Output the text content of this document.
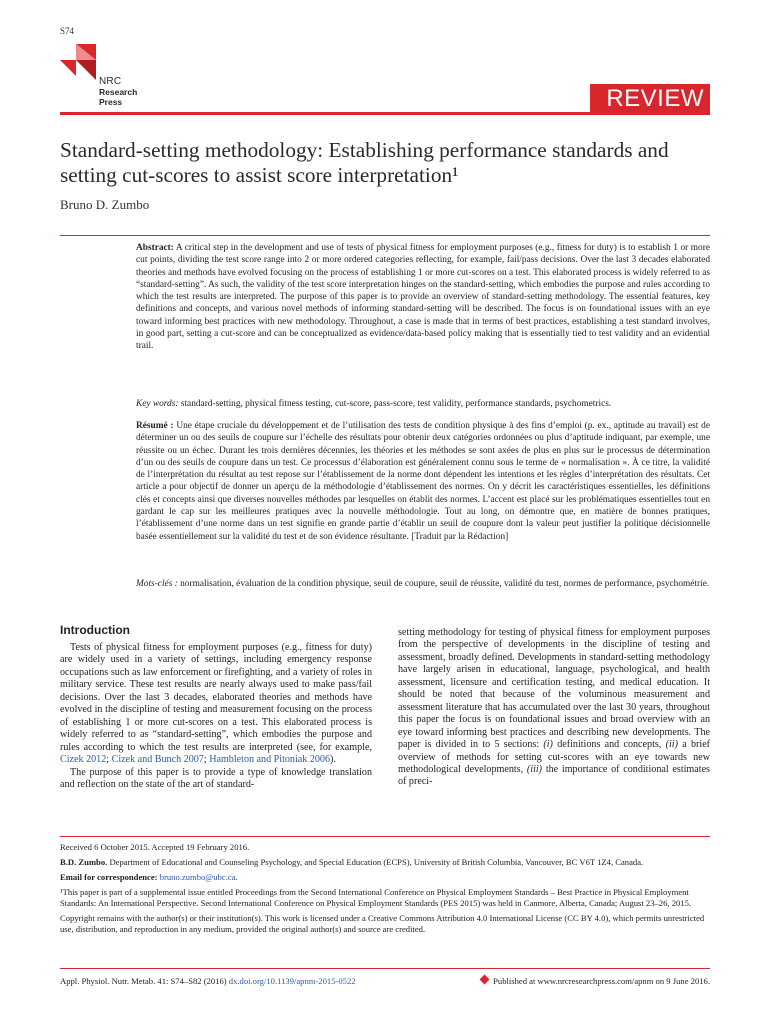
S74
NRC
Research Press	REVIEW
Standard-setting methodology: Establishing performance standards and setting cut-scores to assist score interpretation¹
Bruno D. Zumbo
Abstract: A critical step in the development and use of tests of physical fitness for employment purposes (e.g., fitness for duty) is to establish 1 or more cut points, dividing the test score range into 2 or more ordered categories reflecting, for example, fail/pass decisions. Over the last 3 decades elaborated theories and methods have evolved focusing on the process of establishing 1 or more cut-scores on a test. This elaborated process is widely referred to as “standard-setting”. As such, the validity of the test score interpretation hinges on the standard-setting, which embodies the purpose and rules according to which the test results are interpreted. The purpose of this paper is to provide an overview of standard-setting methodology. The essential features, key definitions and concepts, and various novel methods of informing standard-setting will be described. The focus is on foundational issues with an eye toward informing best practices with new methodology. Throughout, a case is made that in terms of best practices, establishing a test standard involves, in good part, setting a cut-score and can be conceptualized as evidence/data-based policy making that is essentially tied to test validity and an evidential trail.
Key words: standard-setting, physical fitness testing, cut-score, pass-score, test validity, performance standards, psychometrics.
Résumé : Une étape cruciale du développement et de l’utilisation des tests de condition physique à des fins d’emploi (p. ex., aptitude au travail) est de déterminer un ou des seuils de coupure sur l’échelle des résultats pour obtenir deux catégories ordonnées ou plus d’aptitude indiquant, par exemple, une réussite ou un échec. Durant les trois dernières décennies, les théories et les méthodes se sont axées de plus en plus sur le processus de détermination d’un ou des seuils de coupure dans un test. Ce processus d’élaboration est généralement connu sous le terme de « normalisation ». À ce titre, la validité de l’interprétation du résultat au test repose sur l’établissement de la norme dont dépendent les intentions et les règles d’interprétation des résultats. Cet article a pour objectif de donner un aperçu de la méthodologie d’établissement des normes. On y décrit les caractéristiques essentielles, les définitions clés et concepts ainsi que diverses nouvelles méthodes par lesquelles on établit des normes. L’accent est placé sur les problématiques essentielles tout en gardant le cap sur les meilleures pratiques avec la nouvelle méthodologie. Tout au long, on démontre que, en matière de bonnes pratiques, l’établissement d’une norme dans un test signifie en grande partie d’établir un seuil de coupure dont la valeur peut justifier la politique décisionnelle basée essentiellement sur la validité du test et de son évidence résultante. [Traduit par la Rédaction]
Mots-clés : normalisation, évaluation de la condition physique, seuil de coupure, seuil de réussite, validité du test, normes de performance, psychométrie.
Introduction

Tests of physical fitness for employment purposes (e.g., fitness for duty) are widely used in a variety of settings, including emergency response occupations such as law enforcement or firefighting, and a variety of roles in military service. These test results are nearly always used to make pass/fail decisions. Over the last 3 decades, elaborated theories and methods have evolved in the discipline of testing and measurement focusing on the process of establishing 1 or more cut-scores on a test. This elaborated process is widely referred to as “standard-setting”, which embodies the purpose and rules according to which the test results are interpreted (see, for example, Cizek 2012; Cizek and Bunch 2007; Hambleton and Pitoniak 2006).

The purpose of this paper is to provide a type of knowledge translation and reflection on the state of the art of standard-

setting methodology for testing of physical fitness for employment purposes from the perspective of developments in the discipline of testing and assessment, broadly defined. Developments in standard-setting methodology have largely arisen in educational, language, psychological, and health assessment, licensure and certification testing, and medical education. It should be noted that because of the voluminous measurement and assessment literature that has accumulated over the last 30 years, throughout this paper the focus is on foundational issues and broad overview with an eye toward informing best practices and describing new developments. The paper is divided in to 5 sections: (i) definitions and concepts, (ii) a brief overview of methods for setting cut-scores with an eye towards new methodological developments, (iii) the importance of conditional estimates of preci-

Received 6 October 2015. Accepted 19 February 2016.

B.D. Zumbo. Department of Educational and Counseling Psychology, and Special Education (ECPS), University of British Columbia, Vancouver, BC V6T 1Z4, Canada.

Email for correspondence: bruno.zumbo@ubc.ca.

¹This paper is part of a supplemental issue entitled Proceedings from the Second International Conference on Physical Employment Standards – Best Practice in Physical Employment Standards: An International Perspective. Second International Conference on Physical Employment Standards (PES 2015) was held in Canmore, Alberta, Canada; August 23–26, 2015.

Copyright remains with the author(s) or their institution(s). This work is licensed under a Creative Commons Attribution 4.0 International License (CC BY 4.0), which permits unrestricted use, distribution, and reproduction in any medium, provided the original author(s) and source are credited.

Appl. Physiol. Nutr. Metab. 41: S74–S82 (2016) dx.doi.org/10.1139/apnm-2015-0522	Published at www.nrcresearchpress.com/apnm on 9 June 2016.
